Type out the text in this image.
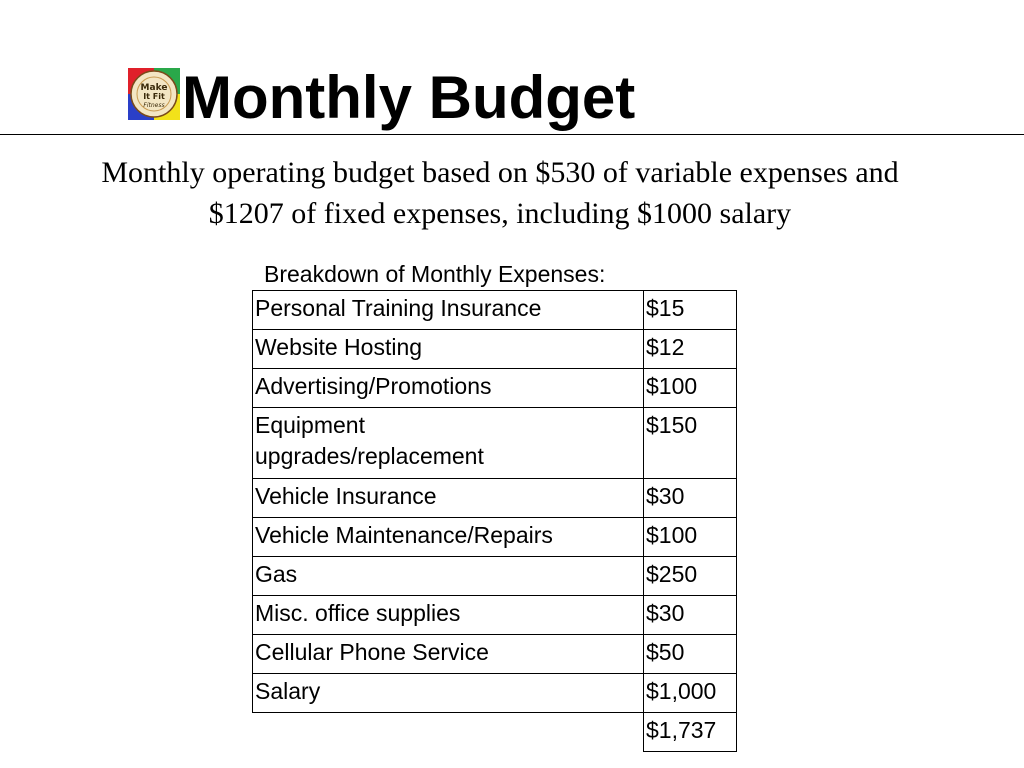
Make
It Fit
Fitness Monthly Budget

Monthly operating budget based on $530 of variable expenses and
$1207 of fixed expenses, including $1000 salary

Breakdown of Monthly Expenses:
Personal Training Insurance	$15
Website Hosting	$12
Advertising/Promotions	$100

Equipment
upgrades/replacement	$150
Vehicle Insurance	$30
Vehicle Maintenance/Repairs	$100
Gas	$250
Misc. office supplies	$30
Cellular Phone Service	$50
Salary	$1,000
	$1,737
